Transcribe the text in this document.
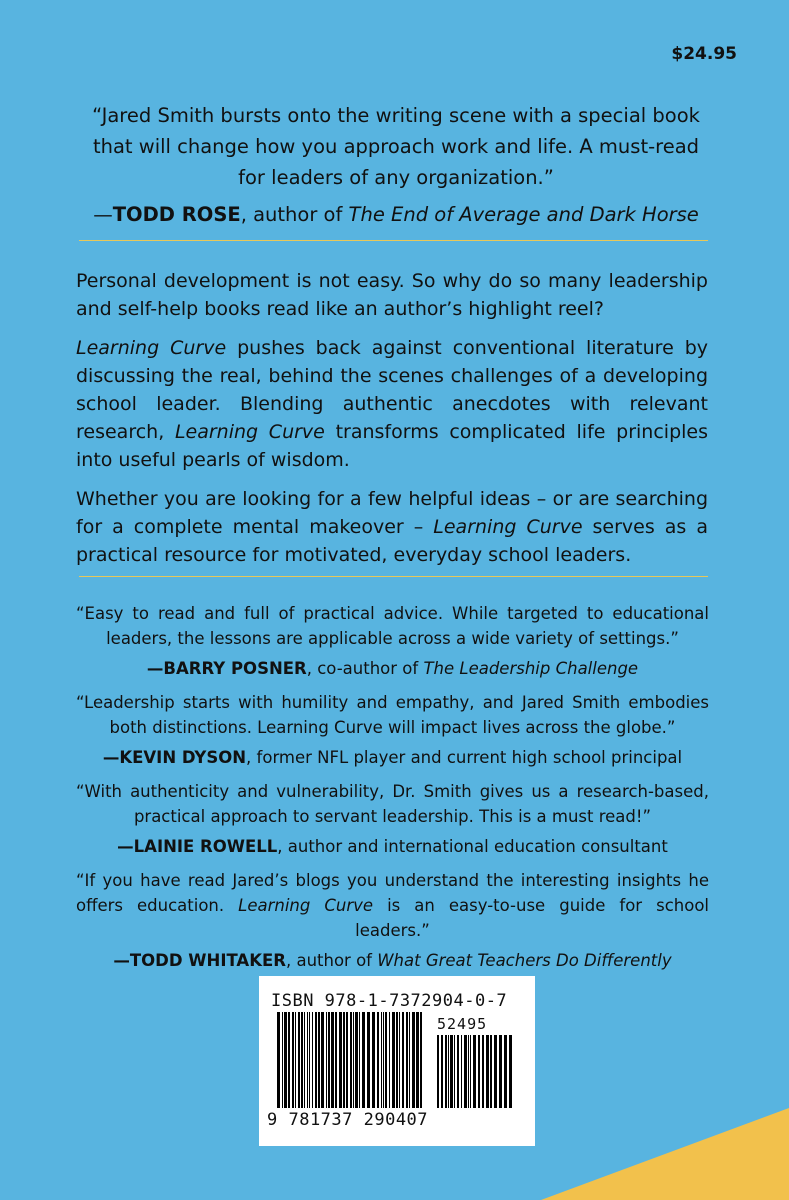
$24.95

“Jared Smith bursts onto the writing scene with a special book that will change how you approach work and life. A must-read for leaders of any organization.”

—TODD ROSE, author of The End of Average and Dark Horse

Personal development is not easy. So why do so many leadership and self-help books read like an author’s highlight reel?

Learning Curve pushes back against conventional literature by discussing the real, behind the scenes challenges of a developing school leader. Blending authentic anecdotes with relevant research, Learning Curve transforms complicated life principles into useful pearls of wisdom.

Whether you are looking for a few helpful ideas – or are searching for a complete mental makeover – Learning Curve serves as a practical resource for motivated, everyday school leaders.

“Easy to read and full of practical advice. While targeted to educational leaders, the lessons are applicable across a wide variety of settings.”
—BARRY POSNER, co-author of The Leadership Challenge
“Leadership starts with humility and empathy, and Jared Smith embodies both distinctions. Learning Curve will impact lives across the globe.”
—KEVIN DYSON, former NFL player and current high school principal
“With authenticity and vulnerability, Dr. Smith gives us a research-based, practical approach to servant leadership. This is a must read!”
—LAINIE ROWELL, author and international education consultant
“If you have read Jared’s blogs you understand the interesting insights he offers education. Learning Curve is an easy-to-use guide for school leaders.”
—TODD WHITAKER, author of What Great Teachers Do Differently
ISBN 978-1-7372904-0-7
52495
9 781737 290407
